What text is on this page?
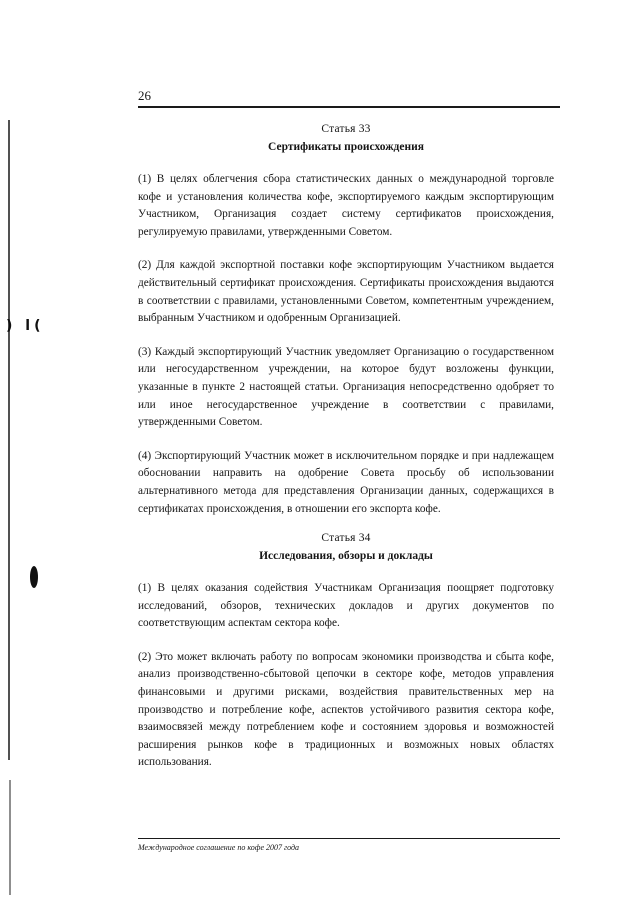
) l(
26
Статья 33
Сертификаты происхождения

(1) В целях облегчения сбора статистических данных о международной торговле кофе и установления количества кофе, экспортируемого каждым экспортирующим Участником, Организация создает систему сертификатов происхождения, регулируемую правилами, утвержденными Советом.

(2) Для каждой экспортной поставки кофе экспортирующим Участником выдается действительный сертификат происхождения. Сертификаты происхождения выдаются в соответствии с правилами, установленными Советом, компетентным учреждением, выбранным Участником и одобренным Организацией.

(3) Каждый экспортирующий Участник уведомляет Организацию о государственном или негосударственном учреждении, на которое будут возложены функции, указанные в пункте 2 настоящей статьи. Организация непосредственно одобряет то или иное негосударственное учреждение в соответствии с правилами, утвержденными Советом.

(4) Экспортирующий Участник может в исключительном порядке и при надлежащем обосновании направить на одобрение Совета просьбу об использовании альтернативного метода для представления Организации данных, содержащихся в сертификатах происхождения, в отношении его экспорта кофе.

Статья 34
Исследования, обзоры и доклады

(1) В целях оказания содействия Участникам Организация поощряет подготовку исследований, обзоров, технических докладов и других документов по соответствующим аспектам сектора кофе.

(2) Это может включать работу по вопросам экономики производства и сбыта кофе, анализ производственно-сбытовой цепочки в секторе кофе, методов управления финансовыми и другими рисками, воздействия правительственных мер на производство и потребление кофе, аспектов устойчивого развития сектора кофе, взаимосвязей между потреблением кофе и состоянием здоровья и возможностей расширения рынков кофе в традиционных и возможных новых областях использования.

Международное соглашение по кофе 2007 года
